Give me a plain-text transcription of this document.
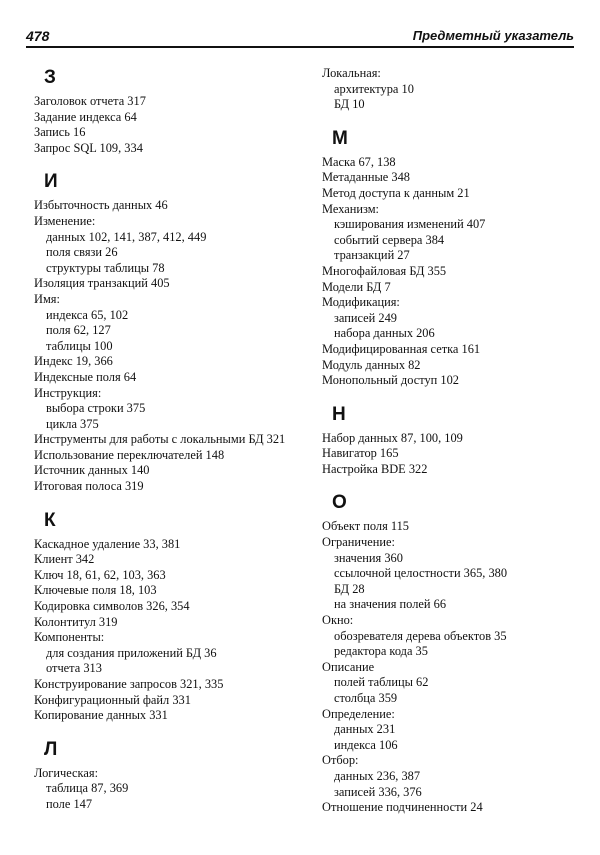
478	Предметный указатель
З
Заголовок отчета 317
Задание индекса 64
Запись 16
Запрос SQL 109, 334
И
Избыточность данных 46
Изменение:
данных 102, 141, 387, 412, 449
поля связи 26
структуры таблицы 78
Изоляция транзакций 405
Имя:
индекса 65, 102
поля 62, 127
таблицы 100
Индекс 19, 366
Индексные поля 64
Инструкция:
выбора строки 375
цикла 375
Инструменты для работы с локальными БД 321
Использование переключателей 148
Источник данных 140
Итоговая полоса 319
К
Каскадное удаление 33, 381
Клиент 342
Ключ 18, 61, 62, 103, 363
Ключевые поля 18, 103
Кодировка символов 326, 354
Колонтитул 319
Компоненты:
для создания приложений БД 36
отчета 313
Конструирование запросов 321, 335
Конфигурационный файл 331
Копирование данных 331
Л
Логическая:
таблица 87, 369
поле 147
Локальная:
архитектура 10
БД 10
М
Маска 67, 138
Метаданные 348
Метод доступа к данным 21
Механизм:
кэширования изменений 407
событий сервера 384
транзакций 27
Многофайловая БД 355
Модели БД 7
Модификация:
записей 249
набора данных 206
Модифицированная сетка 161
Модуль данных 82
Монопольный доступ 102
Н
Набор данных 87, 100, 109
Навигатор 165
Настройка BDE 322
О
Объект поля 115
Ограничение:
значения 360
ссылочной целостности 365, 380
БД 28
на значения полей 66
Окно:
обозревателя дерева объектов 35
редактора кода 35
Описание
полей таблицы 62
столбца 359
Определение:
данных 231
индекса 106
Отбор:
данных 236, 387
записей 336, 376
Отношение подчиненности 24
